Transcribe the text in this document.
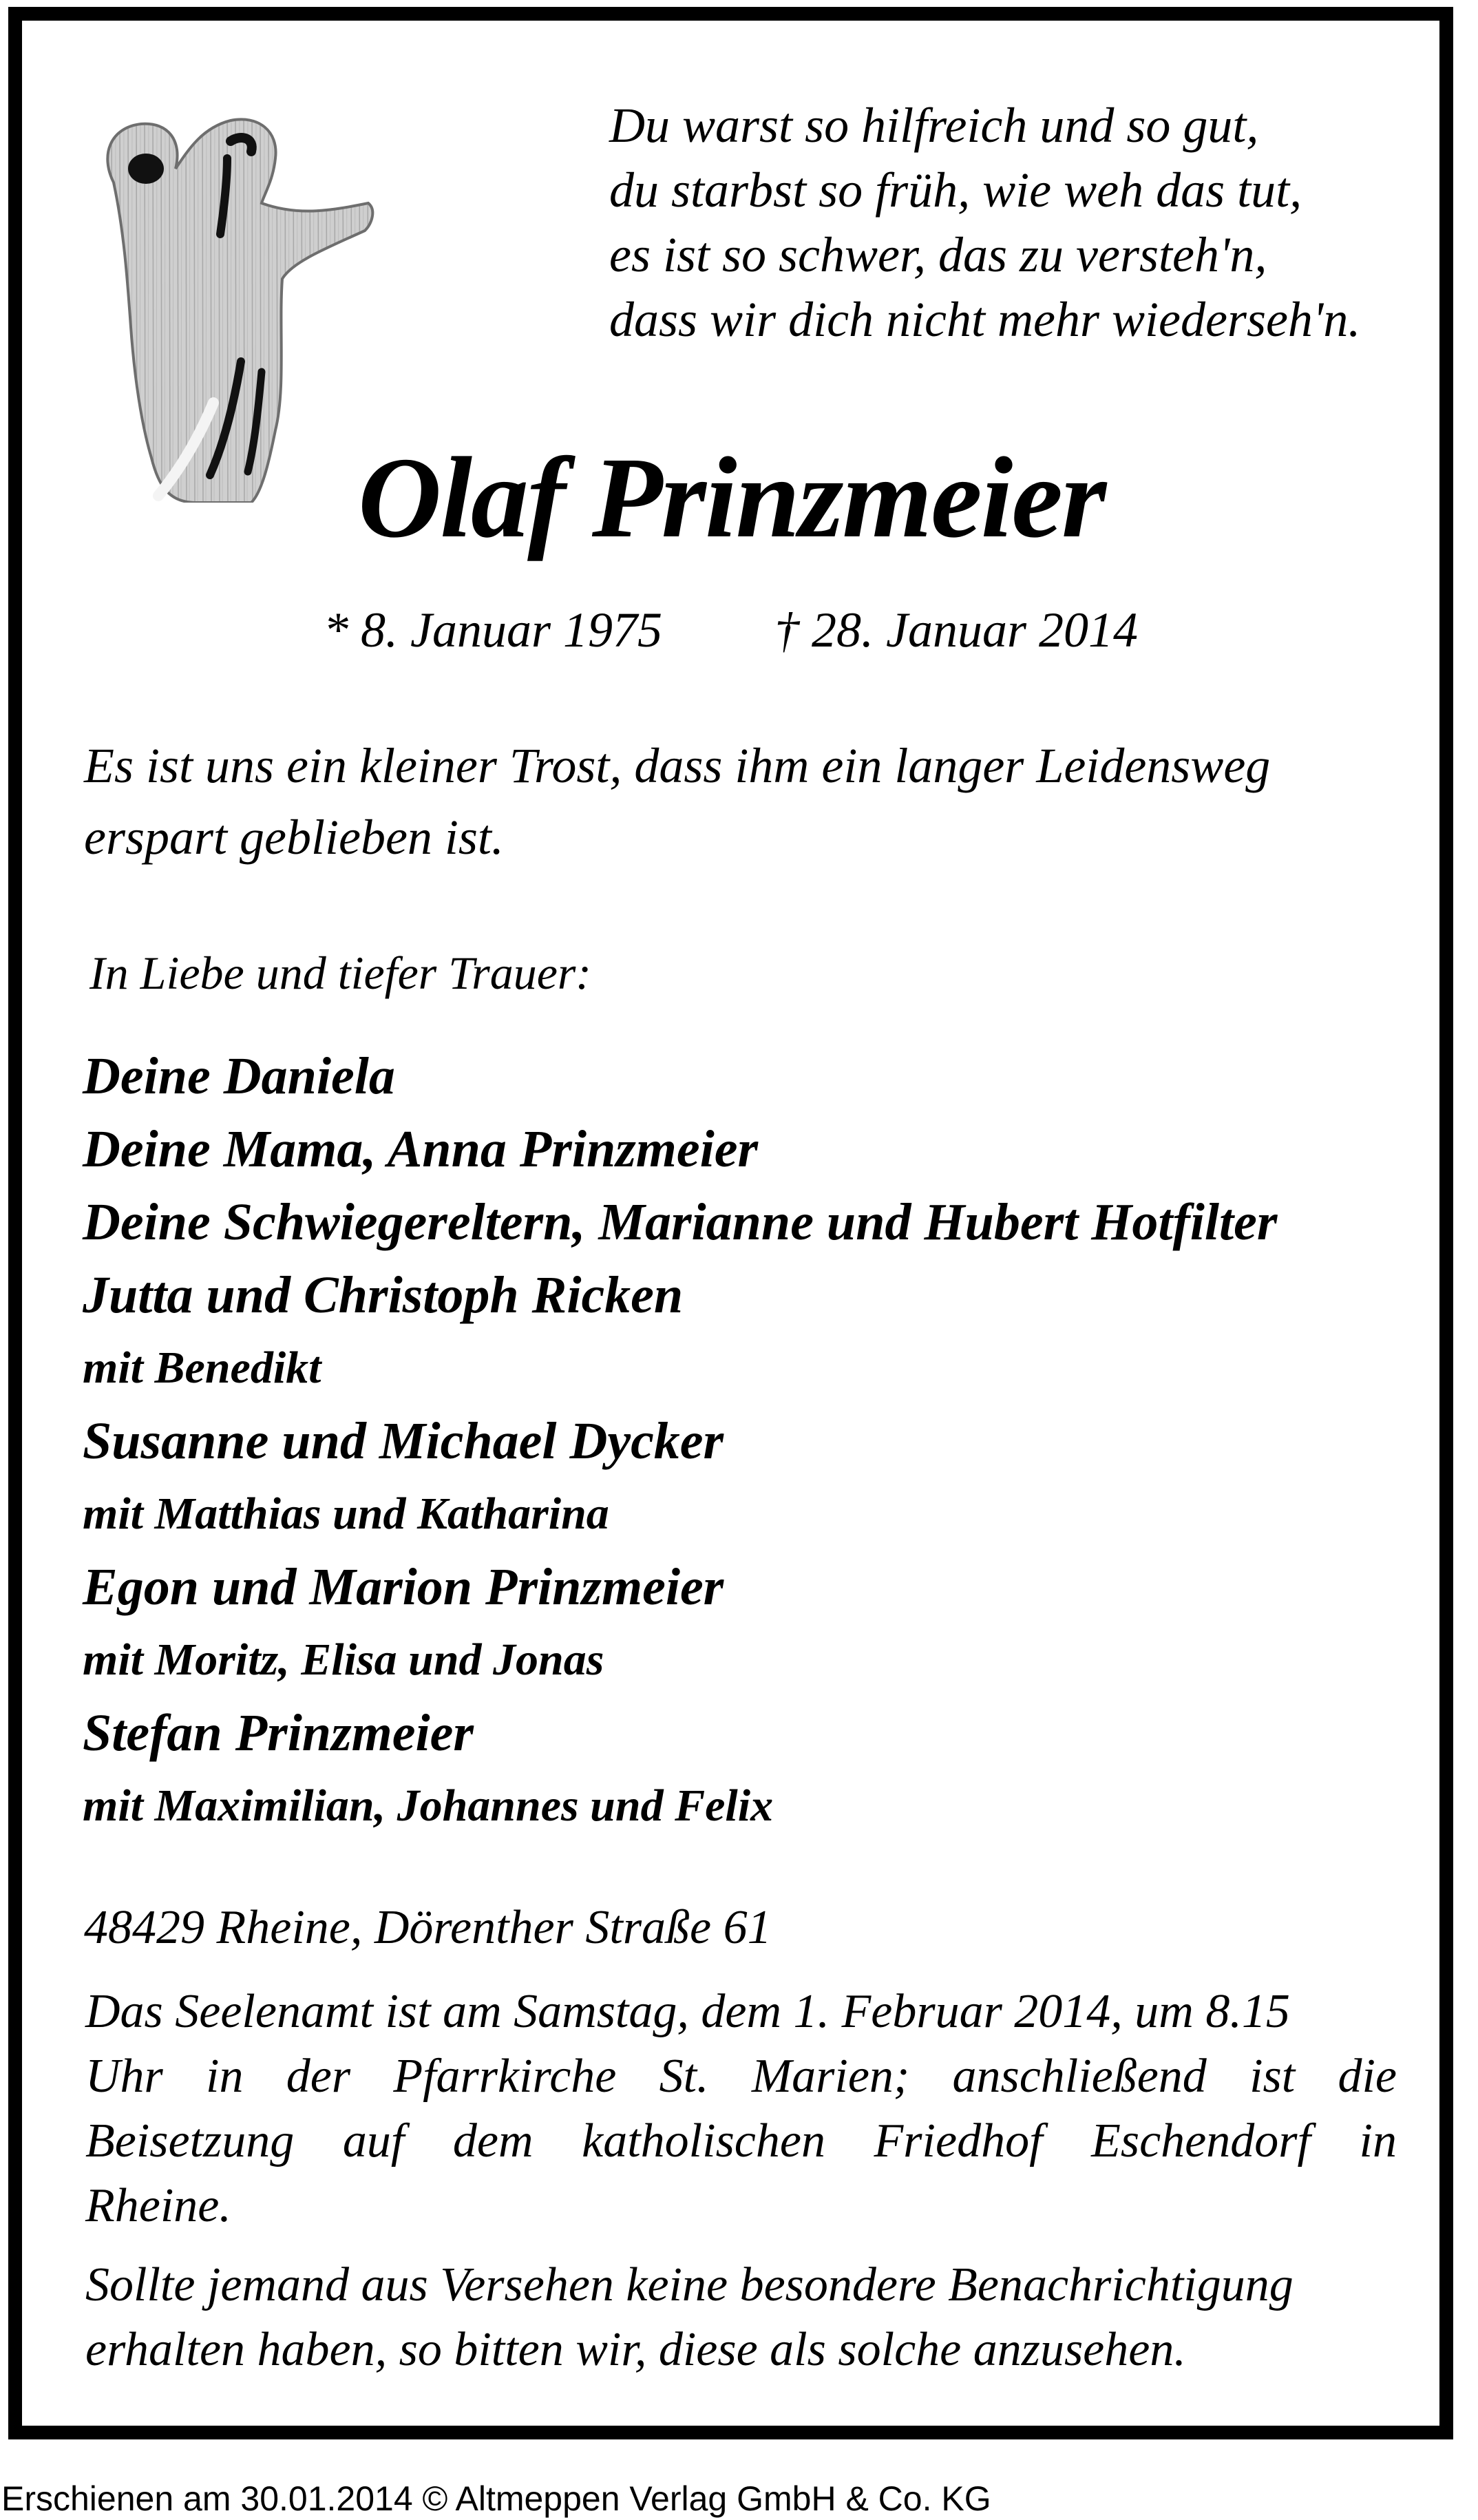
Du warst so hilfreich und so gut,
du starbst so früh, wie weh das tut,
es ist so schwer, das zu versteh'n,
dass wir dich nicht mehr wiederseh'n.
Olaf Prinzmeier
* 8. Januar 1975 † 28. Januar 2014
Es ist uns ein kleiner Trost, dass ihm ein langer Leidensweg
erspart geblieben ist.
In Liebe und tiefer Trauer:
Deine Daniela
Deine Mama, Anna Prinzmeier
Deine Schwiegereltern, Marianne und Hubert Hotfilter
Jutta und Christoph Ricken
mit Benedikt
Susanne und Michael Dycker
mit Matthias und Katharina
Egon und Marion Prinzmeier
mit Moritz, Elisa und Jonas
Stefan Prinzmeier
mit Maximilian, Johannes und Felix
48429 Rheine, Dörenther Straße 61
Das Seelenamt ist am Samstag, dem 1. Februar 2014, um 8.15
Uhr in der Pfarrkirche St. Marien; anschließend ist die
Beisetzung auf dem katholischen Friedhof Eschendorf in
Rheine.
Sollte jemand aus Versehen keine besondere Benachrichtigung
erhalten haben, so bitten wir, diese als solche anzusehen.
Erschienen am 30.01.2014 © Altmeppen Verlag GmbH & Co. KG
